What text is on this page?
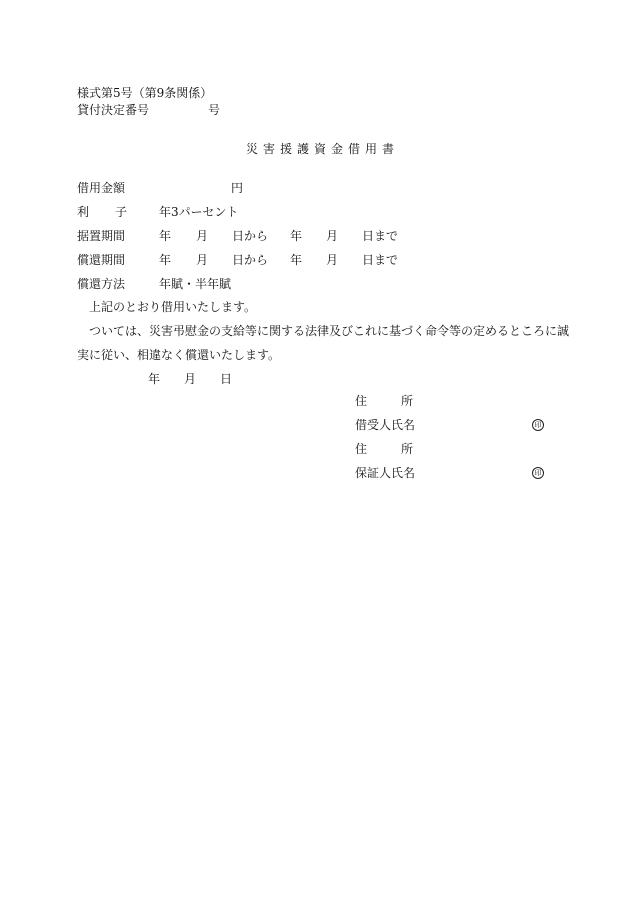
様式第5号（第9条関係）
貸付決定番号	号
災害援護資金借用書
借用金額	円
利 子	年3パーセント
据置期間	年 月 日から 年 月 日まで
償還期間	年 月 日から 年 月 日まで
償還方法	年賦・半年賦
上記のとおり借用いたします。
ついては、災害弔慰金の支給等に関する法律及びこれに基づく命令等の定めるところに誠
実に従い、相違なく償還いたします。
年 月 日
住	所
借受人氏名	印
住	所
保証人氏名	印
